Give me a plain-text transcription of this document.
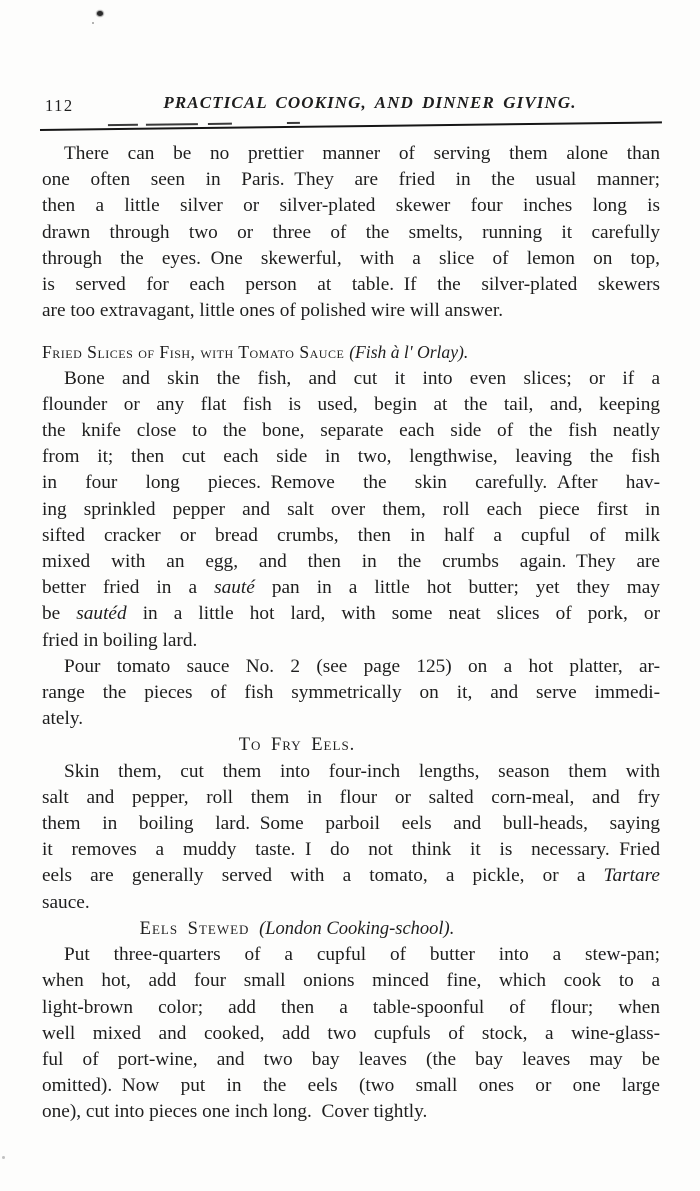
112	PRACTICAL COOKING, AND DINNER GIVING.
There can be no prettier manner of serving them alone than
one often seen in Paris. They are fried in the usual manner;
then a little silver or silver-plated skewer four inches long is
drawn through two or three of the smelts, running it carefully
through the eyes. One skewerful, with a slice of lemon on top,
is served for each person at table. If the silver-plated skewers
are too extravagant, little ones of polished wire will answer.
Fried Slices of Fish, with Tomato Sauce (Fish à l' Orlay).
Bone and skin the fish, and cut it into even slices; or if a
flounder or any flat fish is used, begin at the tail, and, keeping
the knife close to the bone, separate each side of the fish neatly
from it; then cut each side in two, lengthwise, leaving the fish
in four long pieces. Remove the skin carefully. After hav-
ing sprinkled pepper and salt over them, roll each piece first in
sifted cracker or bread crumbs, then in half a cupful of milk
mixed with an egg, and then in the crumbs again. They are
better fried in a sauté pan in a little hot butter; yet they may
be sautéd in a little hot lard, with some neat slices of pork, or
fried in boiling lard.
Pour tomato sauce No. 2 (see page 125) on a hot platter, ar-
range the pieces of fish symmetrically on it, and serve immedi-
ately.
To Fry Eels.
Skin them, cut them into four-inch lengths, season them with
salt and pepper, roll them in flour or salted corn-meal, and fry
them in boiling lard. Some parboil eels and bull-heads, saying
it removes a muddy taste. I do not think it is necessary. Fried
eels are generally served with a tomato, a pickle, or a Tartare
sauce.
Eels Stewed (London Cooking-school).
Put three-quarters of a cupful of butter into a stew-pan;
when hot, add four small onions minced fine, which cook to a
light-brown color; add then a table-spoonful of flour; when
well mixed and cooked, add two cupfuls of stock, a wine-glass-
ful of port-wine, and two bay leaves (the bay leaves may be
omitted). Now put in the eels (two small ones or one large
one), cut into pieces one inch long. Cover tightly.
